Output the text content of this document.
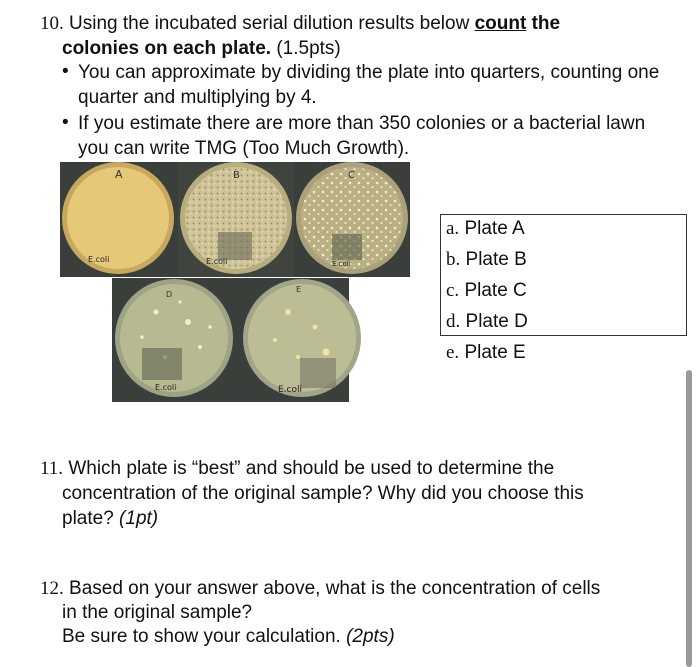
10. Using the incubated serial dilution results below count the
colonies on each plate. (1.5pts)
• You can approximate by dividing the plate into quarters, counting one
quarter and multiplying by 4.
• If you estimate there are more than 350 colonies or a bacterial lawn
you can write TMG (Too Much Growth).
A
E.coli
B
E.coli
C
E.coli
D
E.coli
E
E.coli
a. Plate A
b. Plate B
c. Plate C
d. Plate D
e. Plate E
11. Which plate is “best” and should be used to determine the
concentration of the original sample? Why did you choose this
plate? (1pt)
12. Based on your answer above, what is the concentration of cells
in the original sample?
Be sure to show your calculation. (2pts)
